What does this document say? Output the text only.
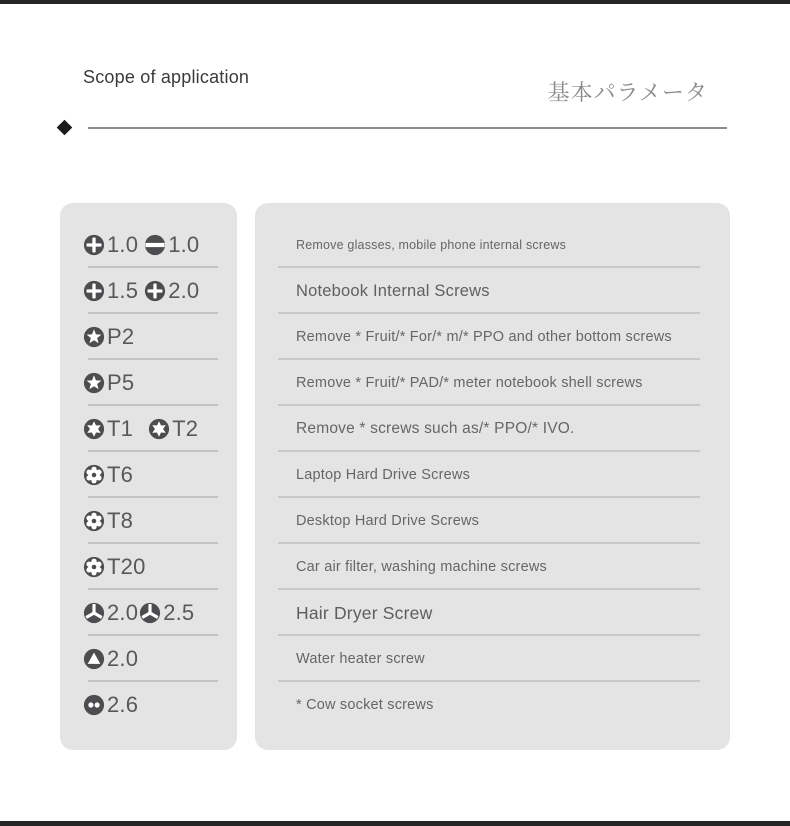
Scope of application
基本パラメータ
1.0 1.0
1.5 2.0
P2
P5
T1 T2
T6
T8
T20
2.0 2.5
2.0
2.6
Remove glasses, mobile phone internal screws
Notebook Internal Screws
Remove * Fruit/* For/* m/* PPO and other bottom screws
Remove * Fruit/* PAD/* meter notebook shell screws
Remove * screws such as/* PPO/* IVO.
Laptop Hard Drive Screws
Desktop Hard Drive Screws
Car air filter, washing machine screws
Hair Dryer Screw
Water heater screw
* Cow socket screws
